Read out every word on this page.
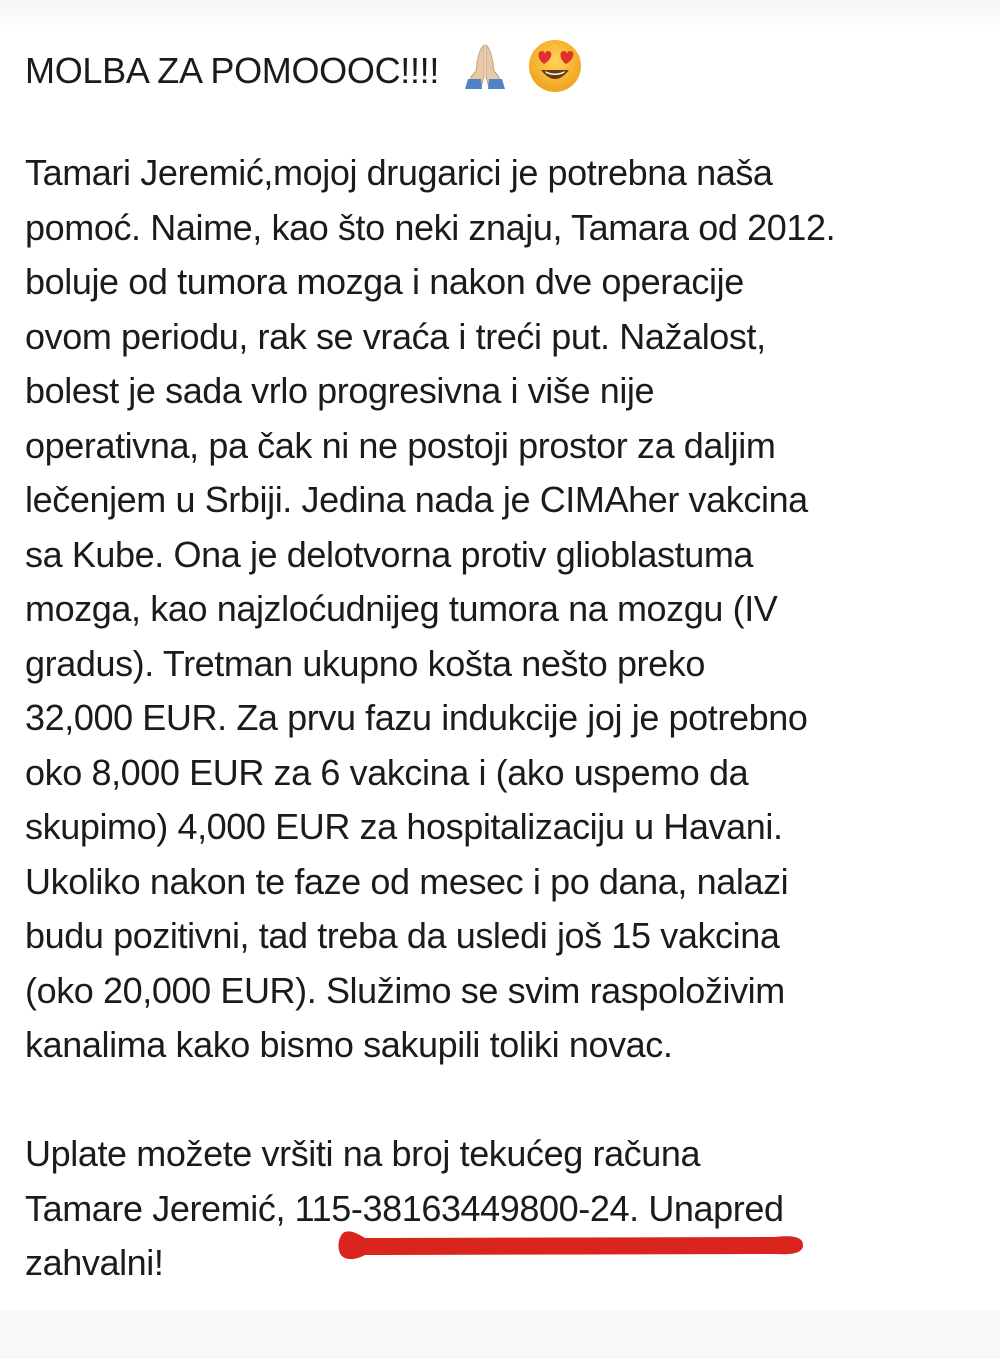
MOLBA ZA POMOOOC!!!!
Tamari Jeremić,mojoj drugarici je potrebna naša
pomoć. Naime, kao što neki znaju, Tamara od 2012.
boluje od tumora mozga i nakon dve operacije
ovom periodu, rak se vraća i treći put. Nažalost,
bolest je sada vrlo progresivna i više nije
operativna, pa čak ni ne postoji prostor za daljim
lečenjem u Srbiji. Jedina nada je CIMAher vakcina
sa Kube. Ona je delotvorna protiv glioblastuma
mozga, kao najzloćudnijeg tumora na mozgu (IV
gradus). Tretman ukupno košta nešto preko
32,000 EUR. Za prvu fazu indukcije joj je potrebno
oko 8,000 EUR za 6 vakcina i (ako uspemo da
skupimo) 4,000 EUR za hospitalizaciju u Havani.
Ukoliko nakon te faze od mesec i po dana, nalazi
budu pozitivni, tad treba da usledi još 15 vakcina
(oko 20,000 EUR). Služimo se svim raspoloživim
kanalima kako bismo sakupili toliki novac.
Uplate možete vršiti na broj tekućeg računa
Tamare Jeremić, 115-38163449800-24. Unapred
zahvalni!
